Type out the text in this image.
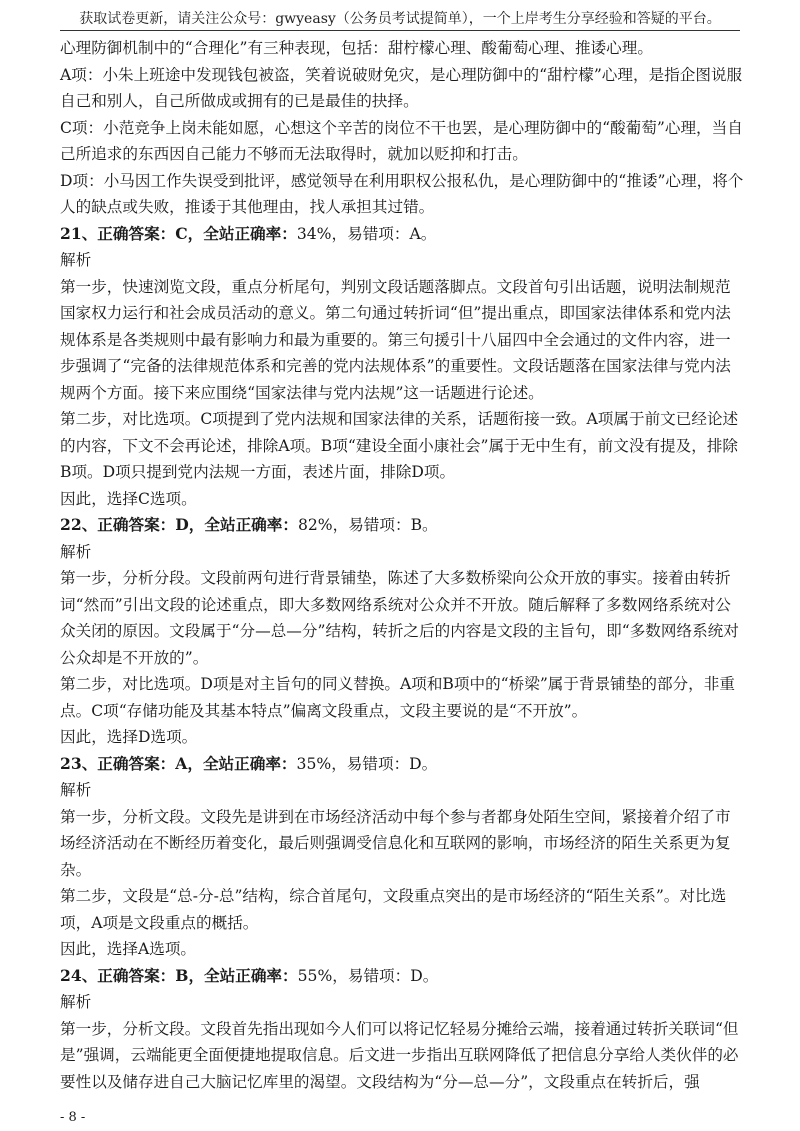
获取试卷更新，请关注公众号：gwyeasy（公务员考试提简单），一个上岸考生分享经验和答疑的平台。

心理防御机制中的“合理化”有三种表现，包括：甜柠檬心理、酸葡萄心理、推诿心理。

A项：小朱上班途中发现钱包被盗，笑着说破财免灾，是心理防御中的“甜柠檬”心理，是指企图说服自己和别人，自己所做成或拥有的已是最佳的抉择。

C项：小范竞争上岗未能如愿，心想这个辛苦的岗位不干也罢，是心理防御中的“酸葡萄”心理，当自己所追求的东西因自己能力不够而无法取得时，就加以贬抑和打击。

D项：小马因工作失误受到批评，感觉领导在利用职权公报私仇，是心理防御中的“推诿”心理，将个人的缺点或失败，推诿于其他理由，找人承担其过错。

21、正确答案：C，全站正确率：34%，易错项：A。

解析

第一步，快速浏览文段，重点分析尾句，判别文段话题落脚点。文段首句引出话题，说明法制规范国家权力运行和社会成员活动的意义。第二句通过转折词“但”提出重点，即国家法律体系和党内法规体系是各类规则中最有影响力和最为重要的。第三句援引十八届四中全会通过的文件内容，进一步强调了“完备的法律规范体系和完善的党内法规体系”的重要性。文段话题落在国家法律与党内法规两个方面。接下来应围绕“国家法律与党内法规”这一话题进行论述。

第二步，对比选项。C项提到了党内法规和国家法律的关系，话题衔接一致。A项属于前文已经论述的内容，下文不会再论述，排除A项。B项“建设全面小康社会”属于无中生有，前文没有提及，排除B项。D项只提到党内法规一方面，表述片面，排除D项。

因此，选择C选项。

22、正确答案：D，全站正确率：82%，易错项：B。

解析

第一步，分析分段。文段前两句进行背景铺垫，陈述了大多数桥梁向公众开放的事实。接着由转折词“然而”引出文段的论述重点，即大多数网络系统对公众并不开放。随后解释了多数网络系统对公众关闭的原因。文段属于“分—总—分”结构，转折之后的内容是文段的主旨句，即“多数网络系统对公众却是不开放的”。

第二步，对比选项。D项是对主旨句的同义替换。A项和B项中的“桥梁”属于背景铺垫的部分，非重点。C项“存储功能及其基本特点”偏离文段重点，文段主要说的是“不开放”。

因此，选择D选项。

23、正确答案：A，全站正确率：35%，易错项：D。

解析

第一步，分析文段。文段先是讲到在市场经济活动中每个参与者都身处陌生空间，紧接着介绍了市场经济活动在不断经历着变化，最后则强调受信息化和互联网的影响，市场经济的陌生关系更为复杂。

第二步，文段是“总-分-总”结构，综合首尾句，文段重点突出的是市场经济的“陌生关系”。对比选项，A项是文段重点的概括。

因此，选择A选项。

24、正确答案：B，全站正确率：55%，易错项：D。

解析

第一步，分析文段。文段首先指出现如今人们可以将记忆轻易分摊给云端，接着通过转折关联词“但是”强调，云端能更全面便捷地提取信息。后文进一步指出互联网降低了把信息分享给人类伙伴的必要性以及储存进自己大脑记忆库里的渴望。文段结构为“分—总—分”，文段重点在转折后，强

- 8 -
